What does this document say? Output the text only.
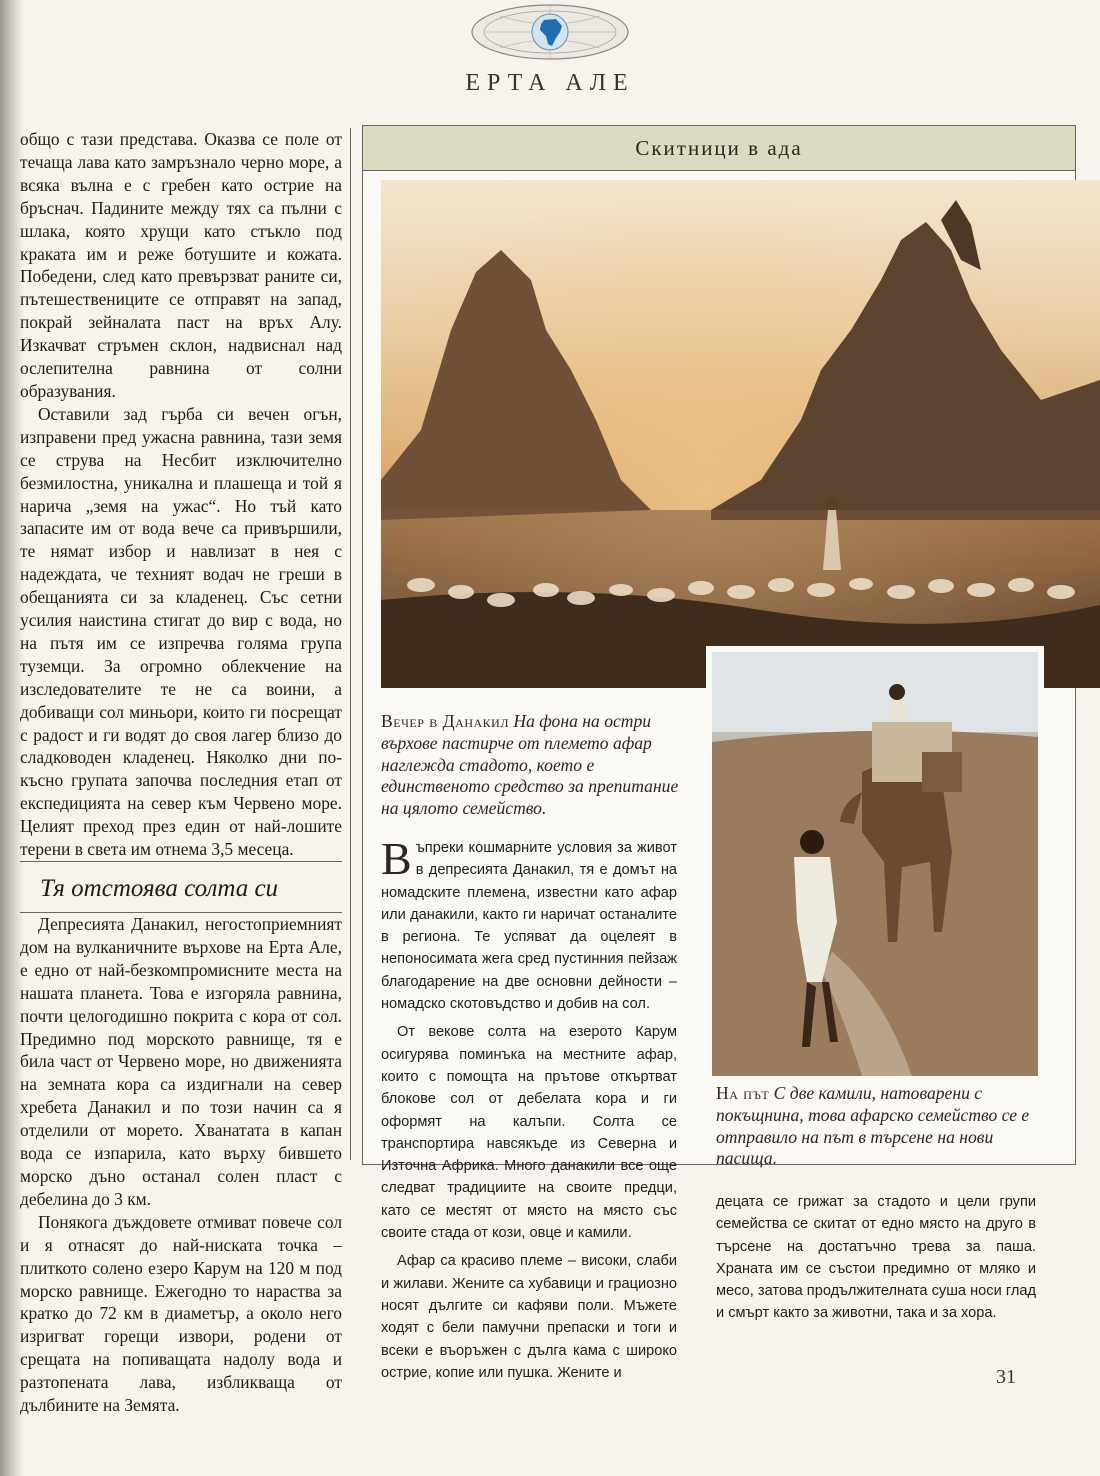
ЕРТА АЛЕ

общо с тази представа. Оказва се поле от течаща лава като замръзнало черно море, а всяка вълна е с гребен като острие на бръснач. Падините между тях са пълни с шлака, която хрущи като стъкло под краката им и реже ботушите и кожата. Победени, след като превързват раните си, пътешествениците се отправят на запад, покрай зейналата паст на връх Алу. Изкачват стръмен склон, надвиснал над ослепителна равнина от солни образувания.

Оставили зад гърба си вечен огън, изправени пред ужасна равнина, тази земя се струва на Несбит изключително безмилостна, уникална и плашеща и той я нарича „земя на ужас“. Но тъй като запасите им от вода вече са привършили, те нямат избор и навлизат в нея с надеждата, че техният водач не греши в обещанията си за кладенец. Със сетни усилия наистина стигат до вир с вода, но на пътя им се изпречва голяма група туземци. За огромно облекчение на изследователите те не са воини, а добиващи сол миньори, които ги посрещат с радост и ги водят до своя лагер близо до сладководен кладенец. Няколко дни по-късно групата започва последния етап от експедицията на север към Червено море. Целият преход през един от най-лошите терени в света им отнема 3,5 месеца.

Тя отстоява солта си

Депресията Данакил, негостоприемният дом на вулканичните върхове на Ерта Але, е едно от най-безкомпромисните места на нашата планета. Това е изгоряла равнина, почти целогодишно покрита с кора от сол. Предимно под морското равнище, тя е била част от Червено море, но движенията на земната кора са издигнали на север хребета Данакил и по този начин са я отделили от морето. Хванатата в капан вода се изпарила, като върху бившето морско дъно останал солен пласт с дебелина до 3 км.

Понякога дъждовете отмиват повече сол и я отнасят до най-ниската точка – плиткото солено езеро Карум на 120 м под морско равнище. Ежегодно то нараства за кратко до 72 км в диаметър, а около него изригват горещи извори, родени от срещата на попиващата надолу вода и разтопената лава, избликваща от дълбините на Земята.

Скитници в ада
Вечер в Данакил На фона на остри върхове пастирче от племето афар наглежда стадото, което е единственото средство за препитание на цялото семейство.
На път С две камили, натоварени с покъщнина, това афарско семейство се е отправило на път в търсене на нови пасища.

Въпреки кошмарните условия за живот в депресията Данакил, тя е домът на номадските племена, известни като афар или данакили, както ги наричат останалите в региона. Те успяват да оцелеят в непоносимата жега сред пустинния пейзаж благодарение на две основни дейности – номадско скотовъдство и добив на сол.

От векове солта на езерото Карум осигурява поминъка на местните афар, които с помощта на прътове откъртват блокове сол от дебелата кора и ги оформят на калъпи. Солта се транспортира навсякъде из Северна и Източна Африка. Много данакили все още следват традициите на своите предци, като се местят от място на място със своите стада от кози, овце и камили.

Афар са красиво племе – високи, слаби и жилави. Жените са хубавици и грациозно носят дългите си кафяви поли. Мъжете ходят с бели памучни препаски и тоги и всеки е въоръжен с дълга кама с широко острие, копие или пушка. Жените и

децата се грижат за стадото и цели групи семейства се скитат от едно място на друго в търсене на достатъчно трева за паша. Храната им се състои предимно от мляко и месо, затова продължителната суша носи глад и смърт както за животни, така и за хора.

31
